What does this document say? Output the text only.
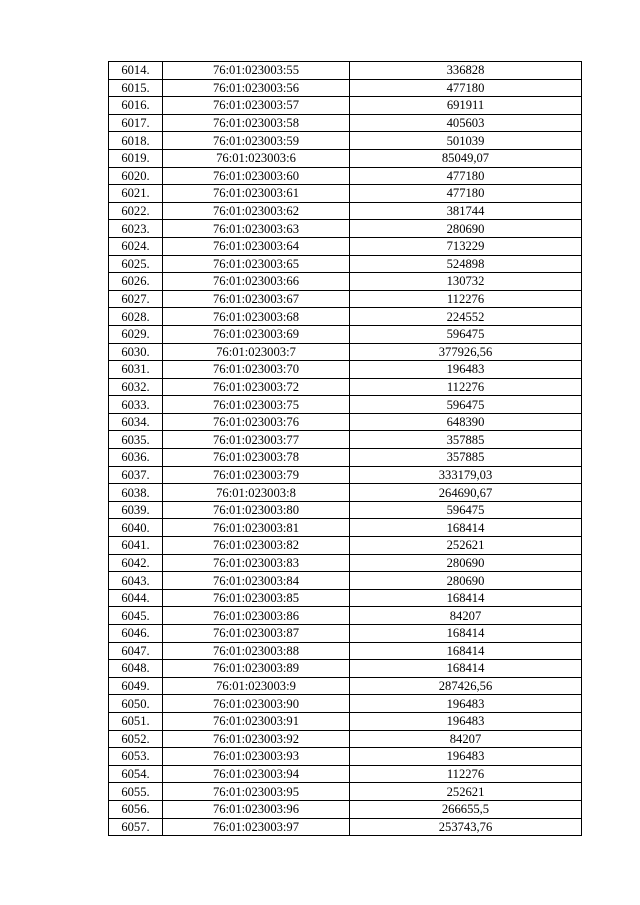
6014.	76:01:023003:55	336828
6015.	76:01:023003:56	477180
6016.	76:01:023003:57	691911
6017.	76:01:023003:58	405603
6018.	76:01:023003:59	501039
6019.	76:01:023003:6	85049,07
6020.	76:01:023003:60	477180
6021.	76:01:023003:61	477180
6022.	76:01:023003:62	381744
6023.	76:01:023003:63	280690
6024.	76:01:023003:64	713229
6025.	76:01:023003:65	524898
6026.	76:01:023003:66	130732
6027.	76:01:023003:67	112276
6028.	76:01:023003:68	224552
6029.	76:01:023003:69	596475
6030.	76:01:023003:7	377926,56
6031.	76:01:023003:70	196483
6032.	76:01:023003:72	112276
6033.	76:01:023003:75	596475
6034.	76:01:023003:76	648390
6035.	76:01:023003:77	357885
6036.	76:01:023003:78	357885
6037.	76:01:023003:79	333179,03
6038.	76:01:023003:8	264690,67
6039.	76:01:023003:80	596475
6040.	76:01:023003:81	168414
6041.	76:01:023003:82	252621
6042.	76:01:023003:83	280690
6043.	76:01:023003:84	280690
6044.	76:01:023003:85	168414
6045.	76:01:023003:86	84207
6046.	76:01:023003:87	168414
6047.	76:01:023003:88	168414
6048.	76:01:023003:89	168414
6049.	76:01:023003:9	287426,56
6050.	76:01:023003:90	196483
6051.	76:01:023003:91	196483
6052.	76:01:023003:92	84207
6053.	76:01:023003:93	196483
6054.	76:01:023003:94	112276
6055.	76:01:023003:95	252621
6056.	76:01:023003:96	266655,5
6057.	76:01:023003:97	253743,76
